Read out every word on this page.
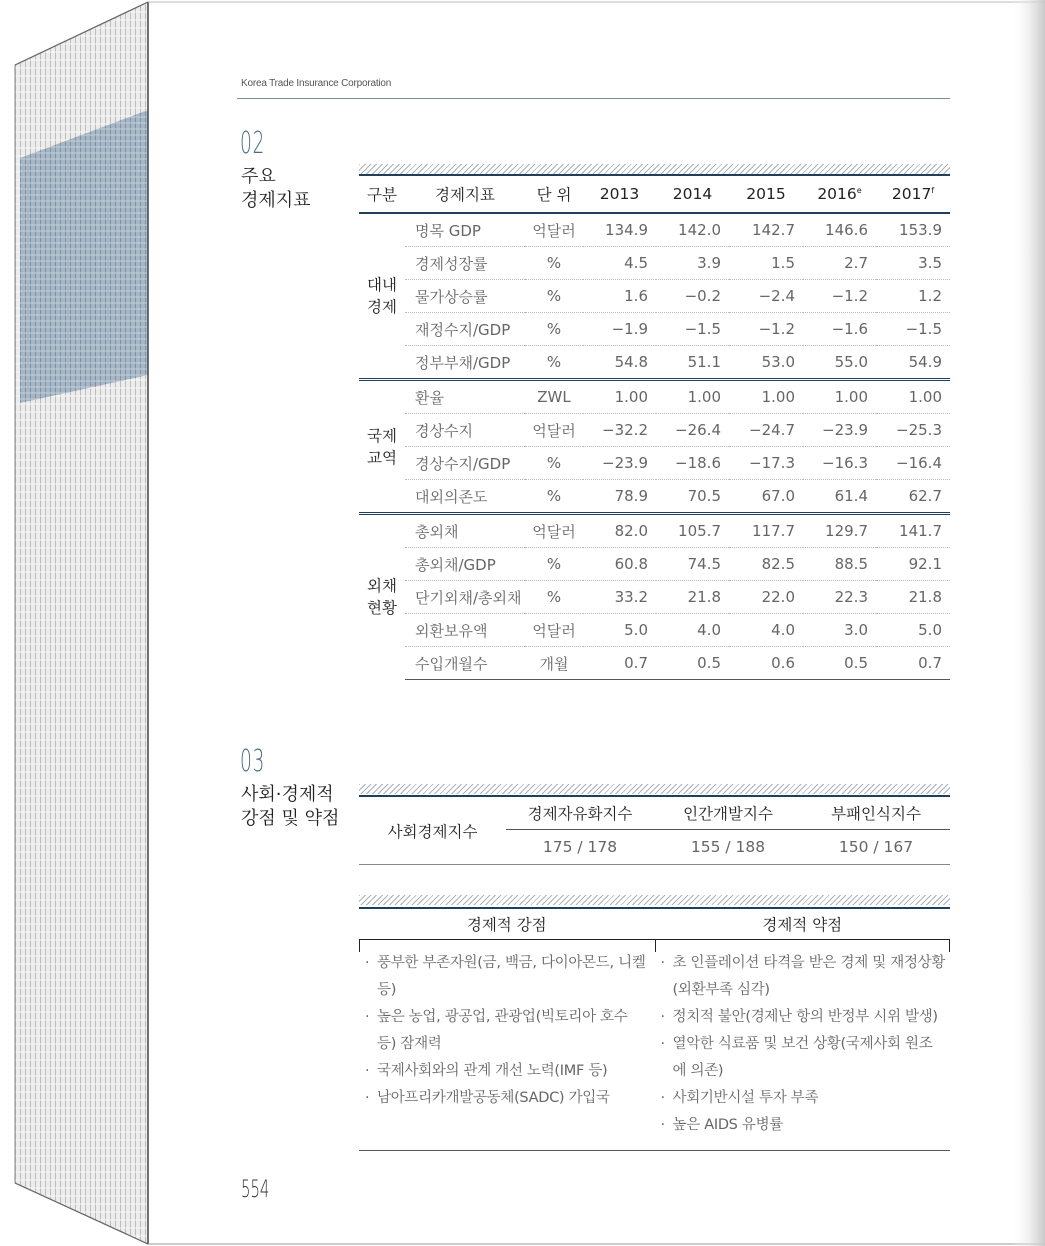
Korea Trade Insurance Corporation
02
주요
경제지표	구분	경제지표	단 위	2013	2014	2015	2016e	2017$^f$

대내
경제	명목 GDP	억달러	134.9	142.0	142.7	146.6	153.9
	경제성장률	%	4.5	3.9	1.5	2.7	3.5
	물가상승률	%	1.6	−0.2	−2.4	−1.2	1.2
	재정수지/GDP	%	−1.9	−1.5	−1.2	−1.6	−1.5
	정부부채/GDP	%	54.8	51.1	53.0	55.0	54.9

국제
교역	환율	ZWL	1.00	1.00	1.00	1.00	1.00
	경상수지	억달러	−32.2	−26.4	−24.7	−23.9	−25.3
	경상수지/GDP	%	−23.9	−18.6	−17.3	−16.3	−16.4
	대외의존도	%	78.9	70.5	67.0	61.4	62.7

외채
현황	총외채	억달러	82.0	105.7	117.7	129.7	141.7
	총외채/GDP	%	60.8	74.5	82.5	88.5	92.1
	단기외채/총외채	%	33.2	21.8	22.0	22.3	21.8
	외환보유액	억달러	5.0	4.0	4.0	3.0	5.0
	수입개월수	개월	0.7	0.5	0.6	0.5	0.7
03
사회·경제적
강점 및 약점
사회경제지수	경제자유화지수	인간개발지수	부패인식지수
	175 / 178	155 / 188	150 / 167
경제적 강점	경제적 약점
· 풍부한 부존자원(금, 백금, 다이아몬드, 니켈 등)
· 높은 농업, 광공업, 관광업(빅토리아 호수 등) 잠재력
· 국제사회와의 관계 개선 노력(IMF 등)
· 남아프리카개발공동체(SADC) 가입국
· 초 인플레이션 타격을 받은 경제 및 재정상황(외환부족 심각)
· 정치적 불안(경제난 항의 반정부 시위 발생)
· 열악한 식료품 및 보건 상황(국제사회 원조에 의존)
· 사회기반시설 투자 부족
· 높은 AIDS 유병률
554
